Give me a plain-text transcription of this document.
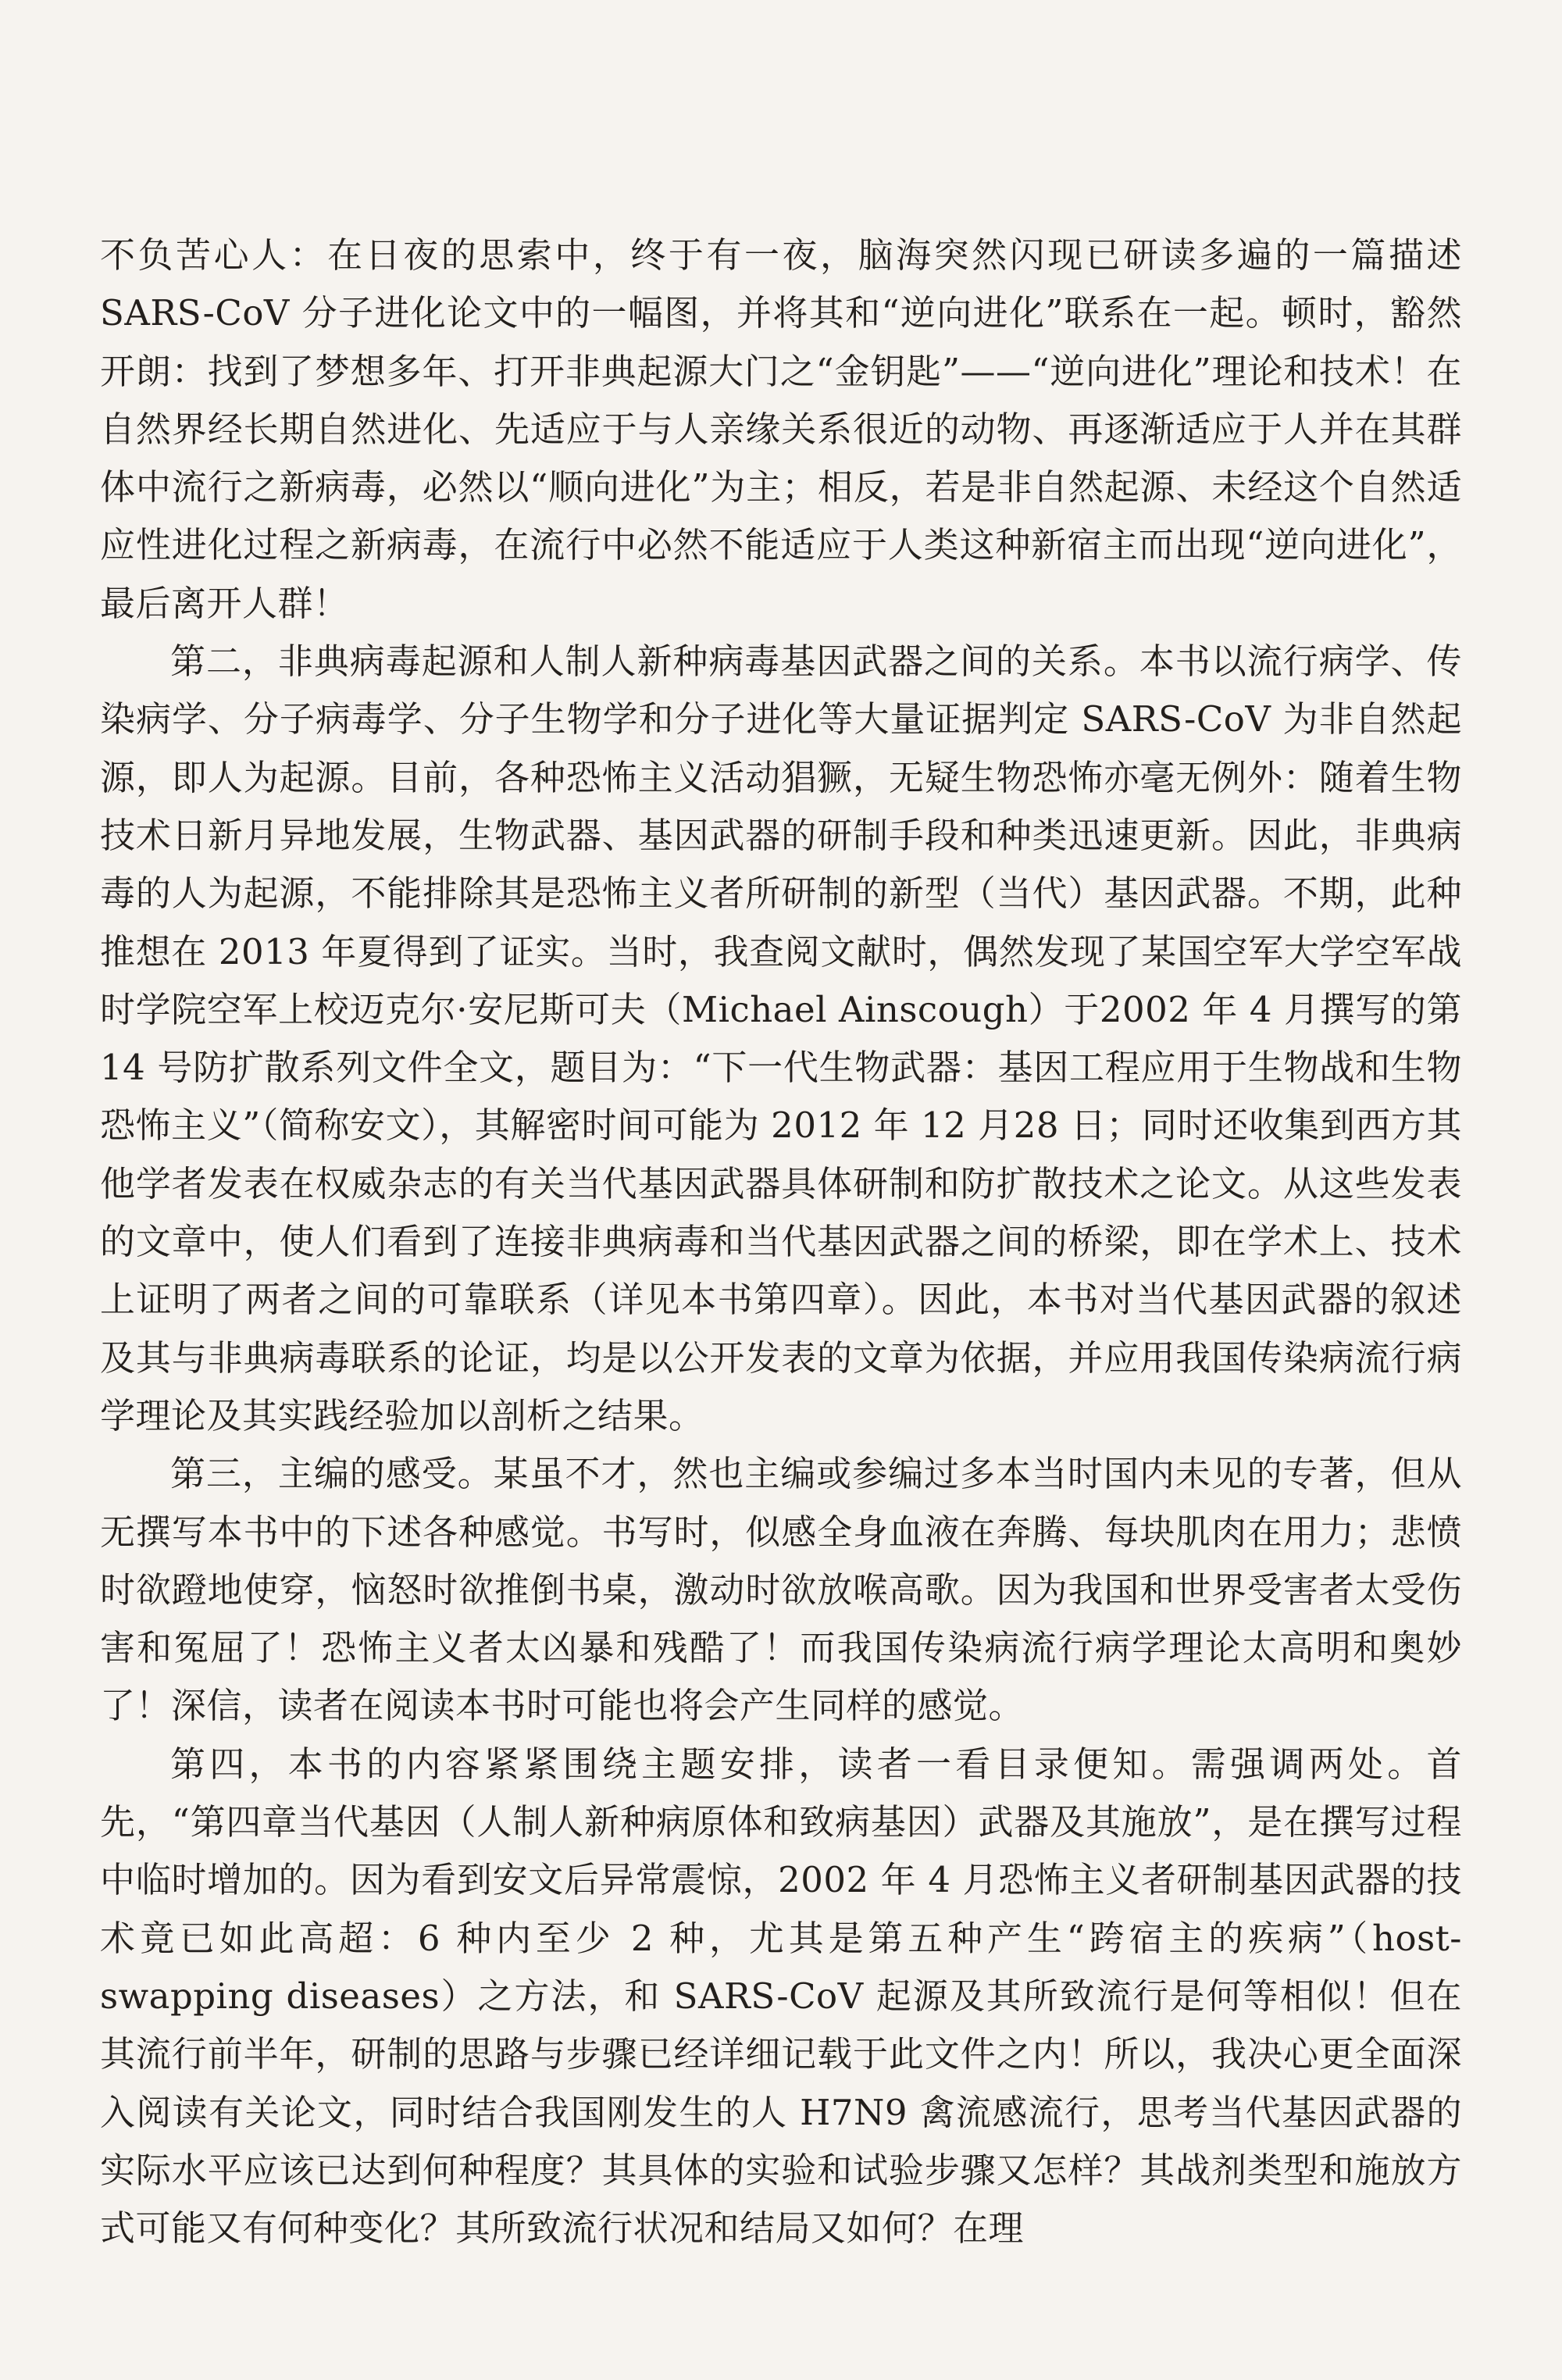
不负苦心人：在日夜的思索中，终于有一夜，脑海突然闪现已研读多遍的一篇描述 SARS-CoV 分子进化论文中的一幅图，并将其和“逆向进化”联系在一起。顿时，豁然开朗：找到了梦想多年、打开非典起源大门之“金钥匙”——“逆向进化”理论和技术！在自然界经长期自然进化、先适应于与人亲缘关系很近的动物、再逐渐适应于人并在其群体中流行之新病毒，必然以“顺向进化”为主；相反，若是非自然起源、未经这个自然适应性进化过程之新病毒，在流行中必然不能适应于人类这种新宿主而出现“逆向进化”，最后离开人群！

第二，非典病毒起源和人制人新种病毒基因武器之间的关系。本书以流行病学、传染病学、分子病毒学、分子生物学和分子进化等大量证据判定 SARS-CoV 为非自然起源，即人为起源。目前，各种恐怖主义活动猖獗，无疑生物恐怖亦毫无例外：随着生物技术日新月异地发展，生物武器、基因武器的研制手段和种类迅速更新。因此，非典病毒的人为起源，不能排除其是恐怖主义者所研制的新型（当代）基因武器。不期，此种推想在 2013 年夏得到了证实。当时，我查阅文献时，偶然发现了某国空军大学空军战时学院空军上校迈克尔·安尼斯可夫（Michael Ainscough）于2002 年 4 月撰写的第 14 号防扩散系列文件全文，题目为：“下一代生物武器：基因工程应用于生物战和生物恐怖主义”（简称安文），其解密时间可能为 2012 年 12 月28 日；同时还收集到西方其他学者发表在权威杂志的有关当代基因武器具体研制和防扩散技术之论文。从这些发表的文章中，使人们看到了连接非典病毒和当代基因武器之间的桥梁，即在学术上、技术上证明了两者之间的可靠联系（详见本书第四章）。因此，本书对当代基因武器的叙述及其与非典病毒联系的论证，均是以公开发表的文章为依据，并应用我国传染病流行病学理论及其实践经验加以剖析之结果。

第三，主编的感受。某虽不才，然也主编或参编过多本当时国内未见的专著，但从无撰写本书中的下述各种感觉。书写时，似感全身血液在奔腾、每块肌肉在用力；悲愤时欲蹬地使穿，恼怒时欲推倒书桌，激动时欲放喉高歌。因为我国和世界受害者太受伤害和冤屈了！恐怖主义者太凶暴和残酷了！而我国传染病流行病学理论太高明和奥妙了！深信，读者在阅读本书时可能也将会产生同样的感觉。

第四，本书的内容紧紧围绕主题安排，读者一看目录便知。需强调两处。首先，“第四章当代基因（人制人新种病原体和致病基因）武器及其施放”，是在撰写过程中临时增加的。因为看到安文后异常震惊，2002 年 4 月恐怖主义者研制基因武器的技术竟已如此高超：6 种内至少 2 种，尤其是第五种产生“跨宿主的疾病”（host-swapping diseases）之方法，和 SARS-CoV 起源及其所致流行是何等相似！但在其流行前半年，研制的思路与步骤已经详细记载于此文件之内！所以，我决心更全面深入阅读有关论文，同时结合我国刚发生的人 H7N9 禽流感流行，思考当代基因武器的实际水平应该已达到何种程度？其具体的实验和试验步骤又怎样？其战剂类型和施放方式可能又有何种变化？其所致流行状况和结局又如何？在理
